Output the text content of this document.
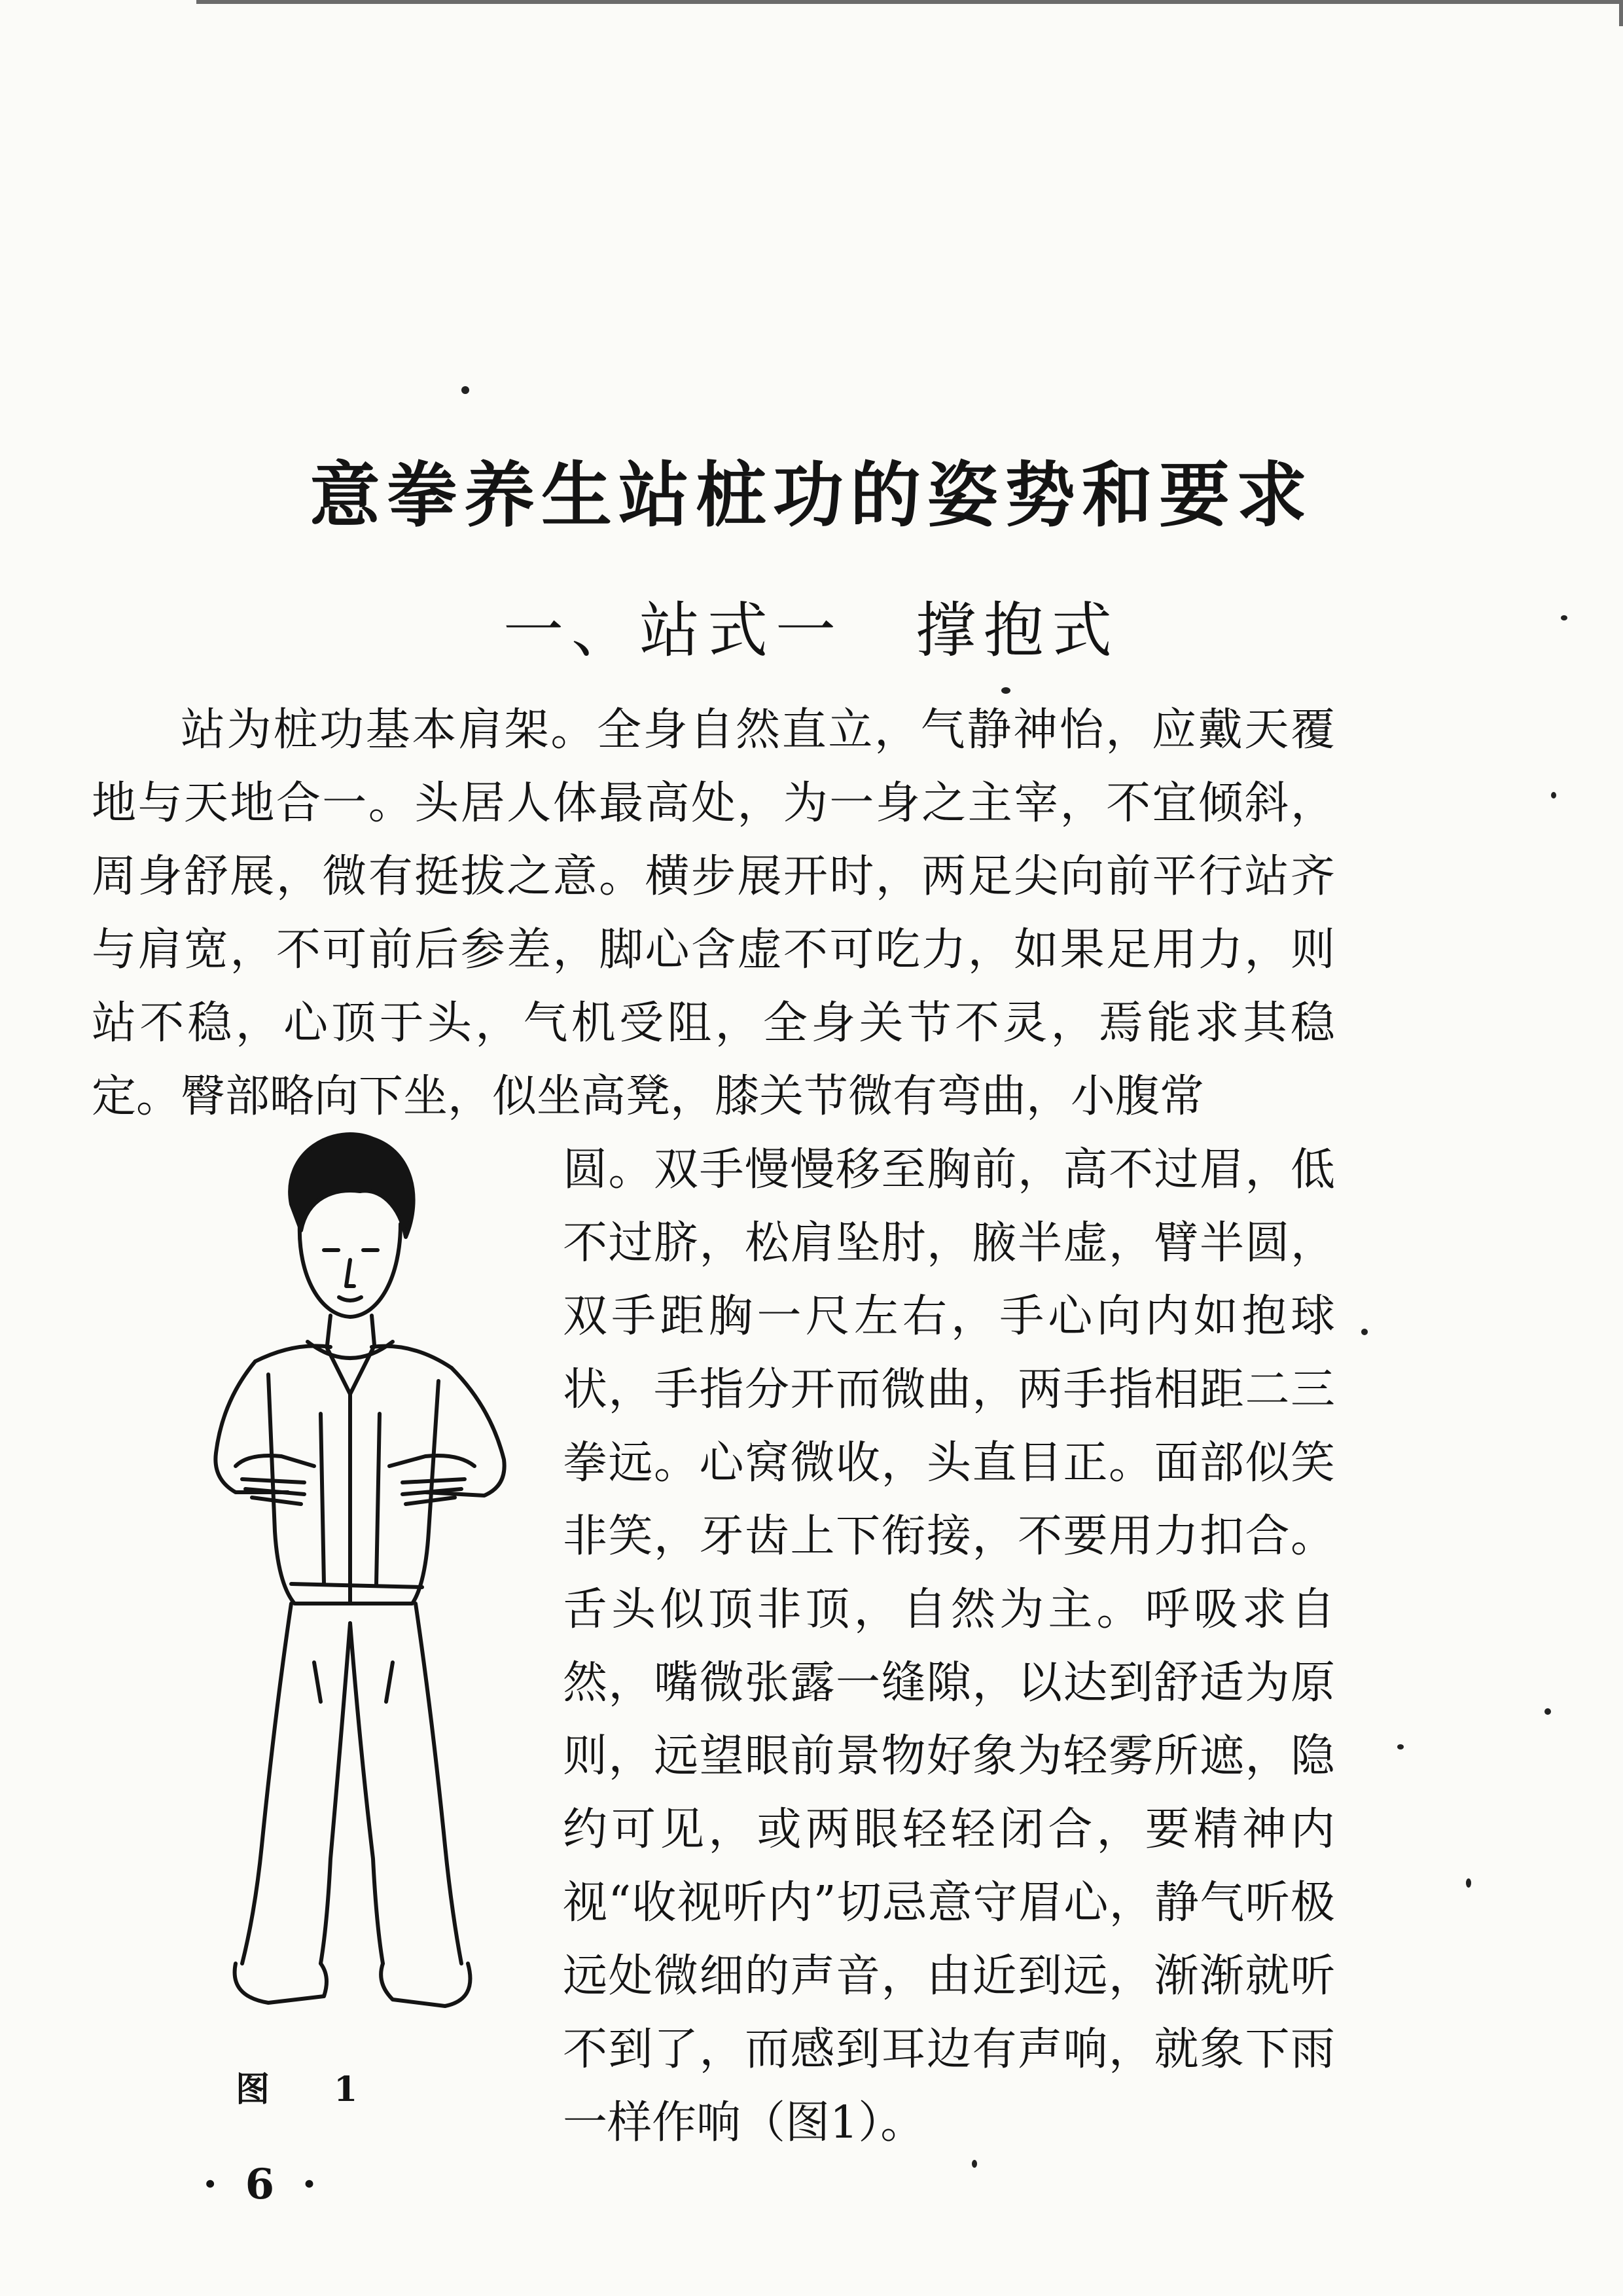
意拳养生站桩功的姿势和要求
一、站式一 撑抱式

站为桩功基本肩架。全身自然直立，气静神怡，应戴天覆地与天地合一。头居人体最高处，为一身之主宰，不宜倾斜，周身舒展，微有挺拔之意。横步展开时，两足尖向前平行站齐与肩宽，不可前后参差，脚心含虚不可吃力，如果足用力，则站不稳，心顶于头，气机受阻，全身关节不灵，焉能求其稳定。臀部略向下坐，似坐高凳，膝关节微有弯曲，小腹常

圆。双手慢慢移至胸前，高不过眉，低不过脐，松肩坠肘，腋半虚，臂半圆，双手距胸一尺左右，手心向内如抱球状，手指分开而微曲，两手指相距二三拳远。心窝微收，头直目正。面部似笑非笑，牙齿上下衔接，不要用力扣合。舌头似顶非顶，自然为主。呼吸求自然，嘴微张露一缝隙，以达到舒适为原则，远望眼前景物好象为轻雾所遮，隐约可见，或两眼轻轻闭合，要精神内视“收视听内”切忌意守眉心，静气听极远处微细的声音，由近到远，渐渐就听不到了，而感到耳边有声响，就象下雨一样作响（图1）。

图 1
· 6 ·
